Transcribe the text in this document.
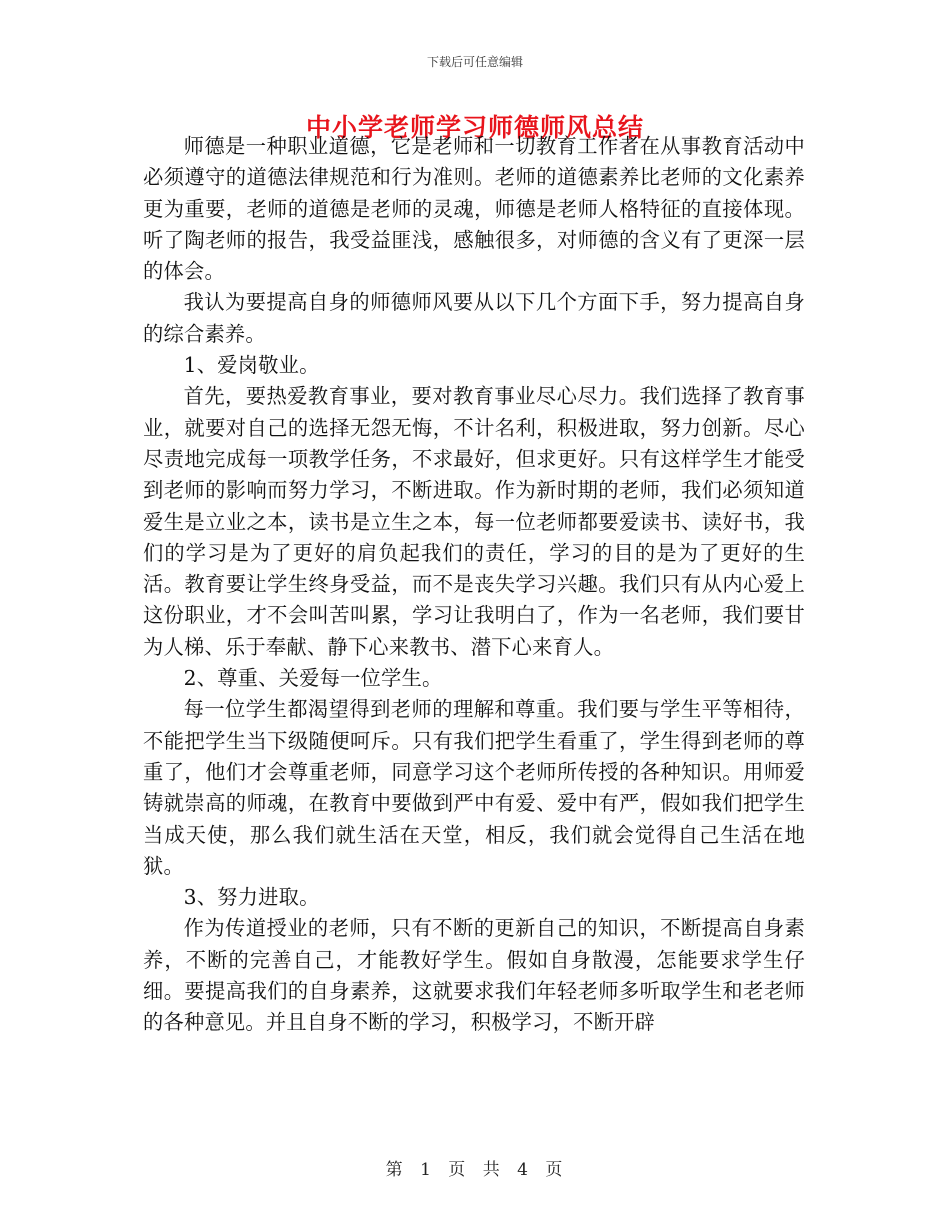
下载后可任意编辑
中小学老师学习师德师风总结

师德是一种职业道德，它是老师和一切教育工作者在从事教育活动中必须遵守的道德法律规范和行为准则。老师的道德素养比老师的文化素养更为重要，老师的道德是老师的灵魂，师德是老师人格特征的直接体现。听了陶老师的报告，我受益匪浅，感触很多，对师德的含义有了更深一层的体会。

我认为要提高自身的师德师风要从以下几个方面下手，努力提高自身的综合素养。

1、爱岗敬业。

首先，要热爱教育事业，要对教育事业尽心尽力。我们选择了教育事业，就要对自己的选择无怨无悔，不计名利，积极进取，努力创新。尽心尽责地完成每一项教学任务，不求最好，但求更好。只有这样学生才能受到老师的影响而努力学习，不断进取。作为新时期的老师，我们必须知道爱生是立业之本，读书是立生之本，每一位老师都要爱读书、读好书，我们的学习是为了更好的肩负起我们的责任，学习的目的是为了更好的生活。教育要让学生终身受益，而不是丧失学习兴趣。我们只有从内心爱上这份职业，才不会叫苦叫累，学习让我明白了，作为一名老师，我们要甘为人梯、乐于奉献、静下心来教书、潜下心来育人。

2、尊重、关爱每一位学生。

每一位学生都渴望得到老师的理解和尊重。我们要与学生平等相待，不能把学生当下级随便呵斥。只有我们把学生看重了，学生得到老师的尊重了，他们才会尊重老师，同意学习这个老师所传授的各种知识。用师爱铸就崇高的师魂，在教育中要做到严中有爱、爱中有严，假如我们把学生当成天使，那么我们就生活在天堂，相反，我们就会觉得自己生活在地狱。

3、努力进取。

作为传道授业的老师，只有不断的更新自己的知识，不断提高自身素养，不断的完善自己，才能教好学生。假如自身散漫，怎能要求学生仔细。要提高我们的自身素养，这就要求我们年轻老师多听取学生和老老师的各种意见。并且自身不断的学习，积极学习，不断开辟

第 1 页 共 4 页
